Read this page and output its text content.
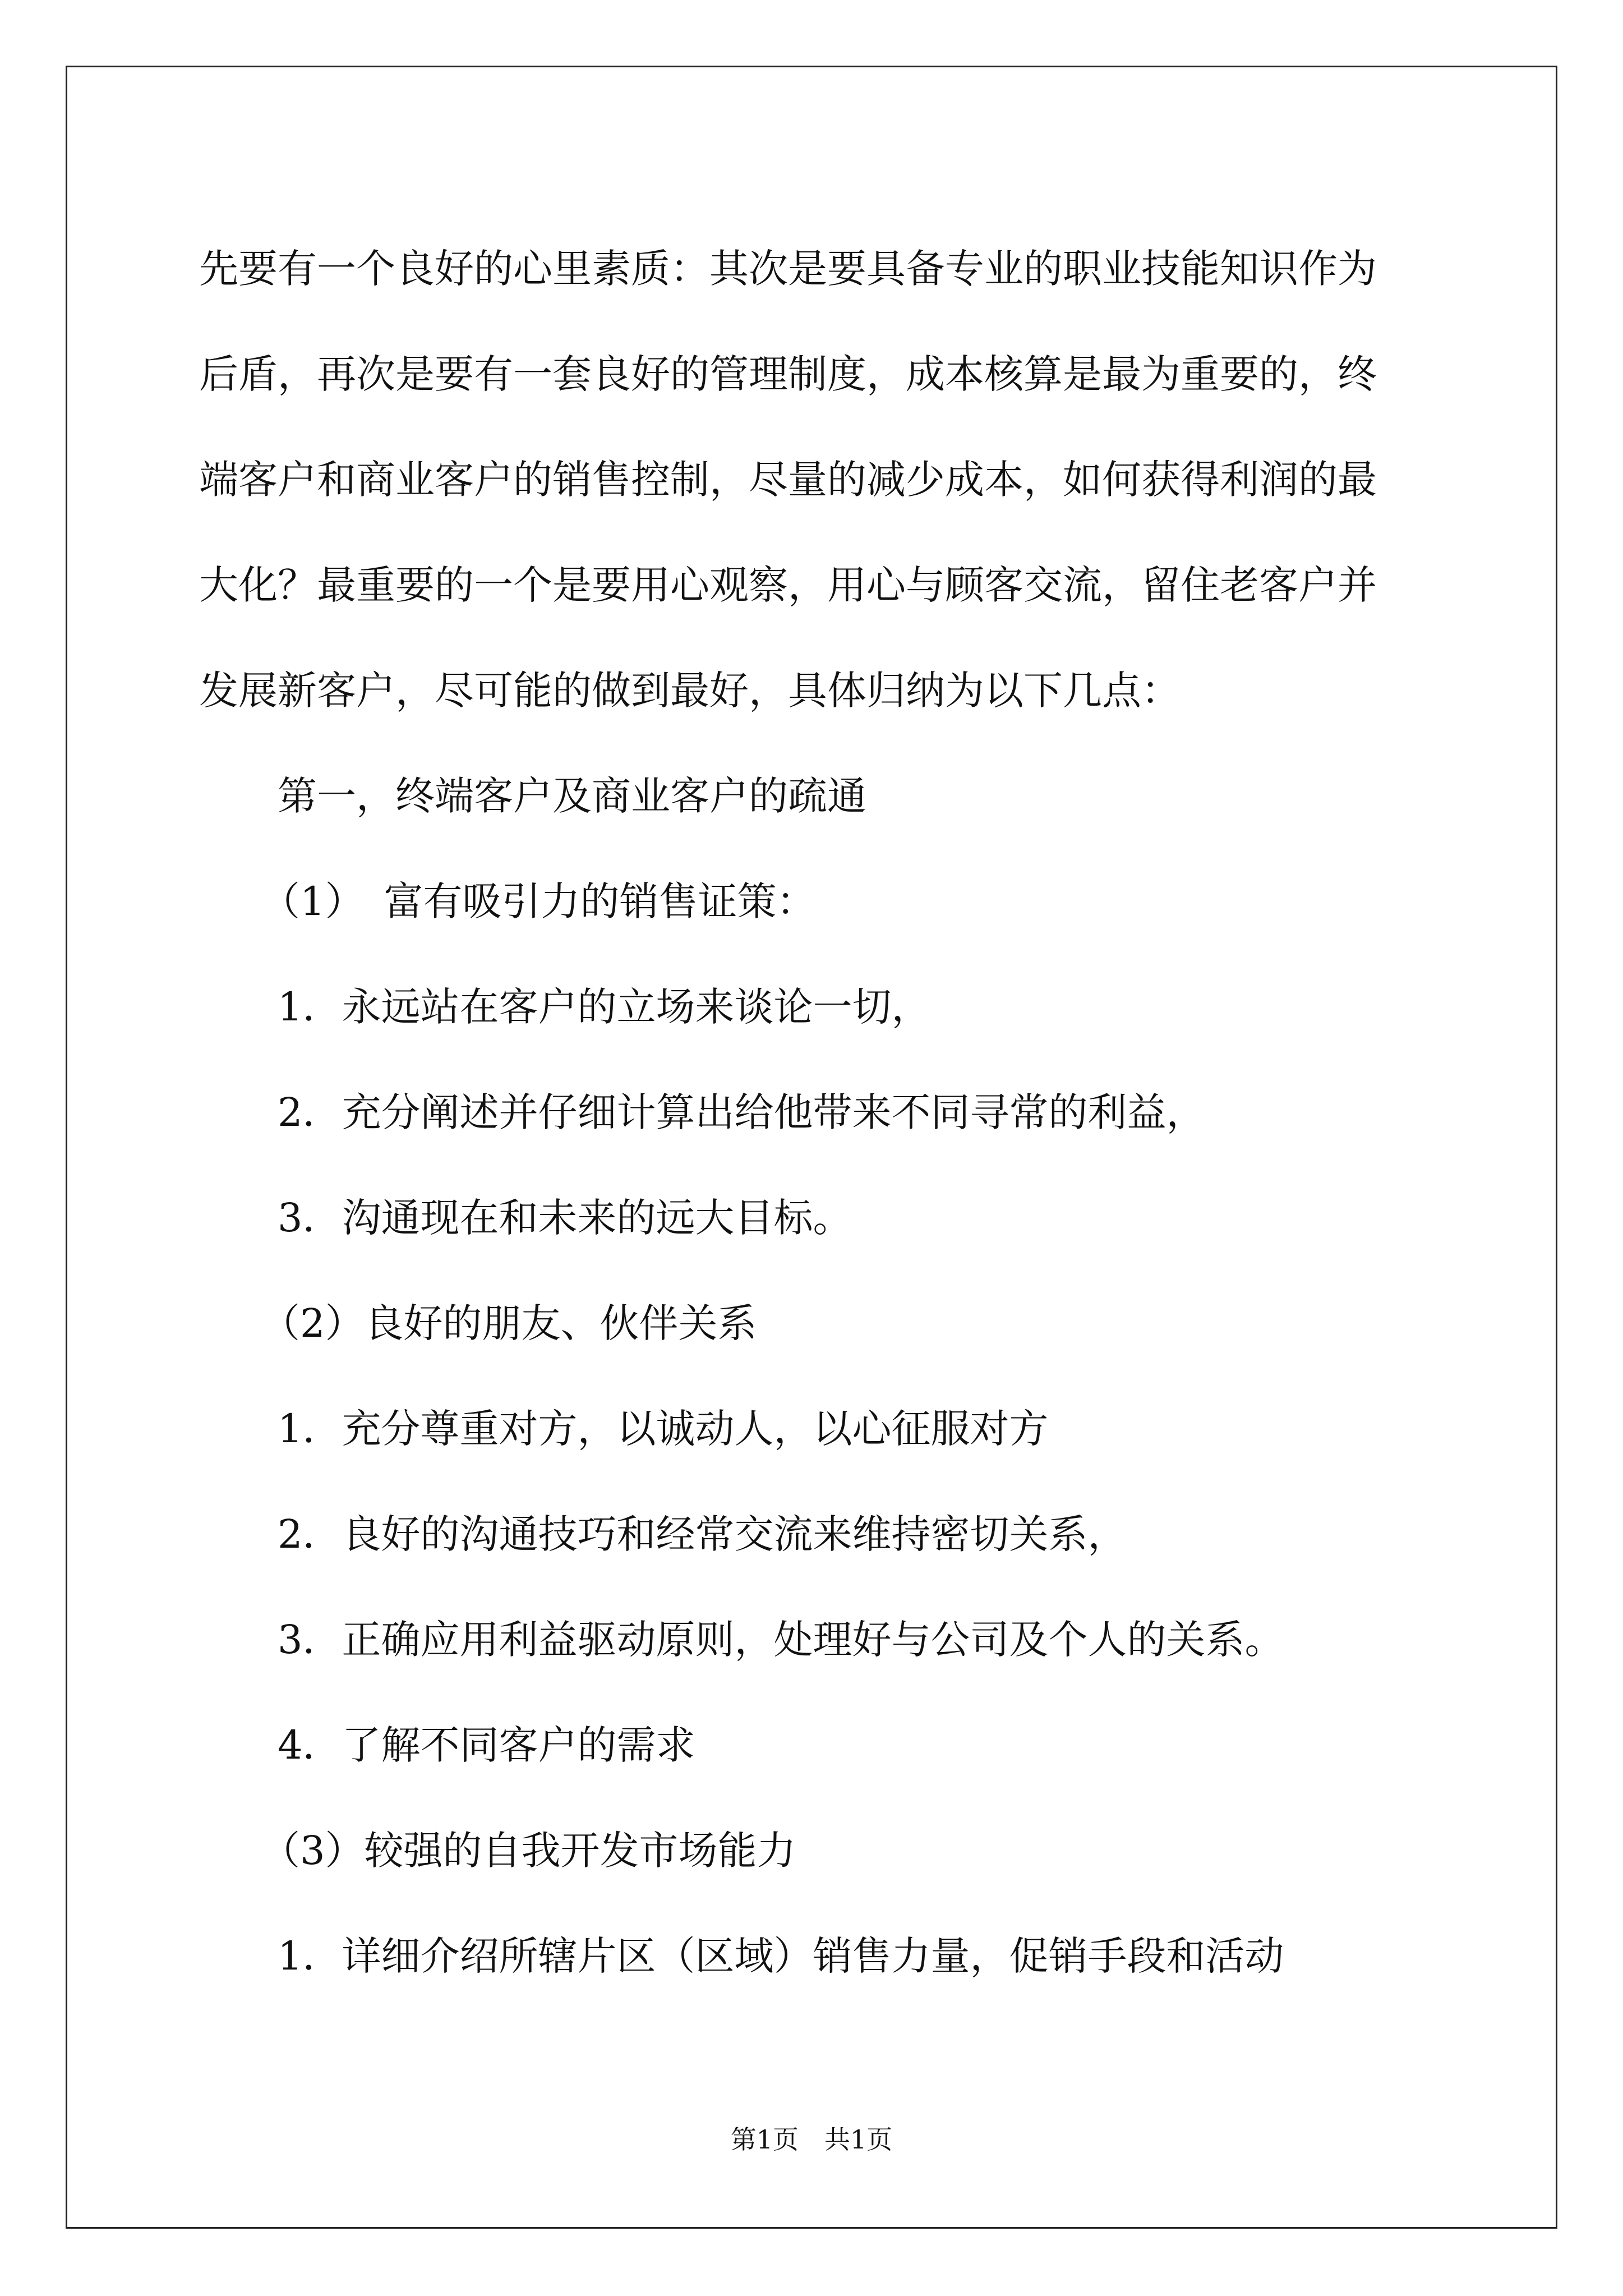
先要有一个良好的心里素质：其次是要具备专业的职业技能知识作为
后盾，再次是要有一套良好的管理制度，成本核算是最为重要的，终
端客户和商业客户的销售控制，尽量的减少成本，如何获得利润的最
大化？最重要的一个是要用心观察，用心与顾客交流，留住老客户并
发展新客户，尽可能的做到最好，具体归纳为以下几点：

第一，终端客户及商业客户的疏通

（1）　富有吸引力的销售证策：

1．永远站在客户的立场来谈论一切，

2．充分阐述并仔细计算出给他带来不同寻常的利益，

3．沟通现在和未来的远大目标。

（2）良好的朋友、伙伴关系

1．充分尊重对方，以诚动人，以心征服对方

2．良好的沟通技巧和经常交流来维持密切关系，

3．正确应用利益驱动原则，处理好与公司及个人的关系。

4．了解不同客户的需求

（3）较强的自我开发市场能力

1．详细介绍所辖片区（区域）销售力量，促销手段和活动

第1页　共1页
